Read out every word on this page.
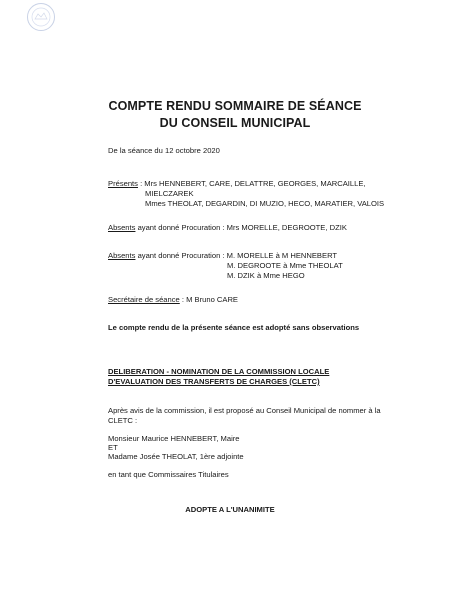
COMPTE RENDU SOMMAIRE DE SÉANCE
DU CONSEIL MUNICIPAL
De la séance du 12 octobre 2020
Présents : Mrs HENNEBERT, CARE, DELATTRE, GEORGES, MARCAILLE,
MIELCZAREK
Mmes THEOLAT, DEGARDIN, DI MUZIO, HECO, MARATIER, VALOIS
Absents ayant donné Procuration : Mrs MORELLE, DEGROOTE, DZIK
Absents ayant donné Procuration : M. MORELLE à M HENNEBERT
M. DEGROOTE à Mme THEOLAT
M. DZIK à Mme HEGO
Secrétaire de séance : M Bruno CARE
Le compte rendu de la présente séance est adopté sans observations
DELIBERATION - NOMINATION DE LA COMMISSION LOCALE
D'EVALUATION DES TRANSFERTS DE CHARGES (CLETC)
Après avis de la commission, il est proposé au Conseil Municipal de nommer à la
CLETC :
Monsieur Maurice HENNEBERT, Maire
ET
Madame Josée THEOLAT, 1ère adjointe
en tant que Commissaires Titulaires
ADOPTE A L'UNANIMITE
